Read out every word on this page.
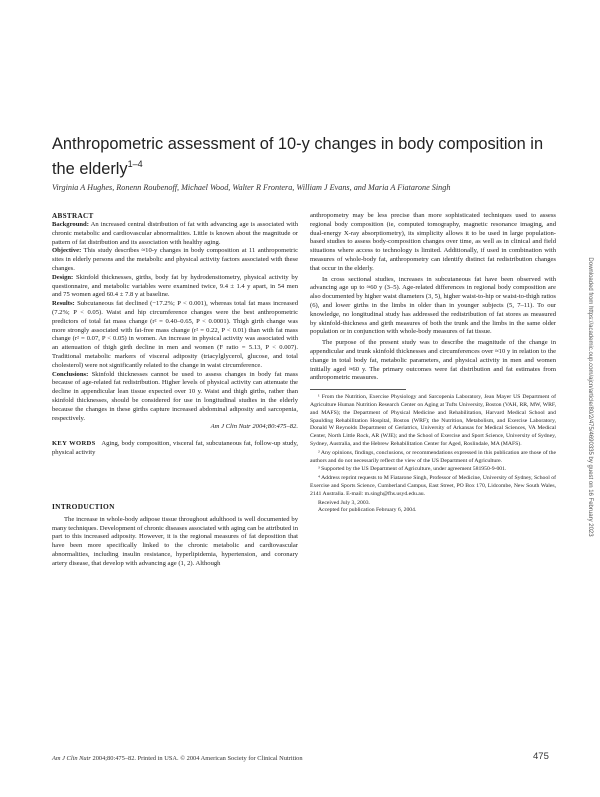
Anthropometric assessment of 10-y changes in body composition in the elderly$^{1-4}$
Virginia A Hughes, Ronenn Roubenoff, Michael Wood, Walter R Frontera, William J Evans, and Maria A Fiatarone Singh
ABSTRACT

Background: An increased central distribution of fat with advancing age is associated with chronic metabolic and cardiovascular abnormalities. Little is known about the magnitude or pattern of fat distribution and its association with healthy aging.

Objective: This study describes ≈10-y changes in body composition at 11 anthropometric sites in elderly persons and the metabolic and physical activity factors associated with these changes.

Design: Skinfold thicknesses, girths, body fat by hydrodensitometry, physical activity by questionnaire, and metabolic variables were examined twice, 9.4 ± 1.4 y apart, in 54 men and 75 women aged 60.4 ± 7.8 y at baseline.

Results: Subcutaneous fat declined (−17.2%; P < 0.001), whereas total fat mass increased (7.2%; P < 0.05). Waist and hip circumference changes were the best anthropometric predictors of total fat mass change (r² = 0.40–0.65, P < 0.0001). Thigh girth change was more strongly associated with fat-free mass change (r² = 0.22, P < 0.01) than with fat mass change (r² = 0.07, P < 0.05) in women. An increase in physical activity was associated with an attenuation of thigh girth decline in men and women (F ratio = 5.13, P < 0.007). Traditional metabolic markers of visceral adiposity (triacylglycerol, glucose, and total cholesterol) were not significantly related to the change in waist circumference.

Conclusions: Skinfold thicknesses cannot be used to assess changes in body fat mass because of age-related fat redistribution. Higher levels of physical activity can attenuate the decline in appendicular lean tissue expected over 10 y. Waist and thigh girths, rather than skinfold thicknesses, should be considered for use in longitudinal studies in the elderly because the changes in these girths capture increased abdominal adiposity and sarcopenia, respectively.
Am J Clin Nutr 2004;80:475–82.

KEY WORDS Aging, body composition, visceral fat, subcutaneous fat, follow-up study, physical activity

INTRODUCTION

The increase in whole-body adipose tissue throughout adulthood is well documented by many techniques. Development of chronic diseases associated with aging can be attributed in part to this increased adiposity. However, it is the regional measures of fat deposition that have been more specifically linked to the chronic metabolic and cardiovascular abnormalities, including insulin resistance, hyperlipidemia, hypertension, and coronary artery disease, that develop with advancing age (1, 2). Although

anthropometry may be less precise than more sophisticated techniques used to assess regional body composition (ie, computed tomography, magnetic resonance imaging, and dual-energy X-ray absorptiometry), its simplicity allows it to be used in large population-based studies to assess body-composition changes over time, as well as in clinical and field situations where access to technology is limited. Additionally, if used in combination with measures of whole-body fat, anthropometry can identify distinct fat redistribution changes that occur in the elderly.

In cross sectional studies, increases in subcutaneous fat have been observed with advancing age up to ≈60 y (3–5). Age-related differences in regional body composition are also documented by higher waist diameters (3, 5), higher waist-to-hip or waist-to-thigh ratios (6), and lower girths in the limbs in older than in younger subjects (5, 7–11). To our knowledge, no longitudinal study has addressed the redistribution of fat stores as measured by skinfold-thickness and girth measures of both the trunk and the limbs in the same older population or in conjunction with whole-body measures of fat tissue.

The purpose of the present study was to describe the magnitude of the change in appendicular and trunk skinfold thicknesses and circumferences over ≈10 y in relation to the change in total body fat, metabolic parameters, and physical activity in men and women initially aged ≈60 y. The primary outcomes were fat distribution and fat estimates from anthropometric measures.

¹ From the Nutrition, Exercise Physiology and Sarcopenia Laboratory, Jean Mayer US Department of Agriculture Human Nutrition Research Center on Aging at Tufts University, Boston (VAH, RR, MW, WRF, and MAFS); the Department of Physical Medicine and Rehabilitation, Harvard Medical School and Spaulding Rehabilitation Hospital, Boston (WRF); the Nutrition, Metabolism, and Exercise Laboratory, Donald W Reynolds Department of Geriatrics, University of Arkansas for Medical Sciences, VA Medical Center, North Little Rock, AR (WJE); and the School of Exercise and Sport Science, University of Sydney, Sydney, Australia, and the Hebrew Rehabilitation Center for Aged, Roslindale, MA (MAFS).

² Any opinions, findings, conclusions, or recommendations expressed in this publication are those of the authors and do not necessarily reflect the view of the US Department of Agriculture.

³ Supported by the US Department of Agriculture, under agreement 581950-9-001.

⁴ Address reprint requests to M Fiatarone Singh, Professor of Medicine, University of Sydney, School of Exercise and Sports Science, Cumberland Campus, East Street, PO Box 170, Lidcombe, New South Wales, 2141 Australia. E-mail: m.singh@fhs.usyd.edu.au.

Received July 3, 2003.
Accepted for publication February 6, 2004.	Downloaded from https://academic.oup.com/ajcn/article/80/2/475/4690335 by guest on 16 February 2023
Am J Clin Nutr 2004;80:475–82. Printed in USA. © 2004 American Society for Clinical Nutrition	475
